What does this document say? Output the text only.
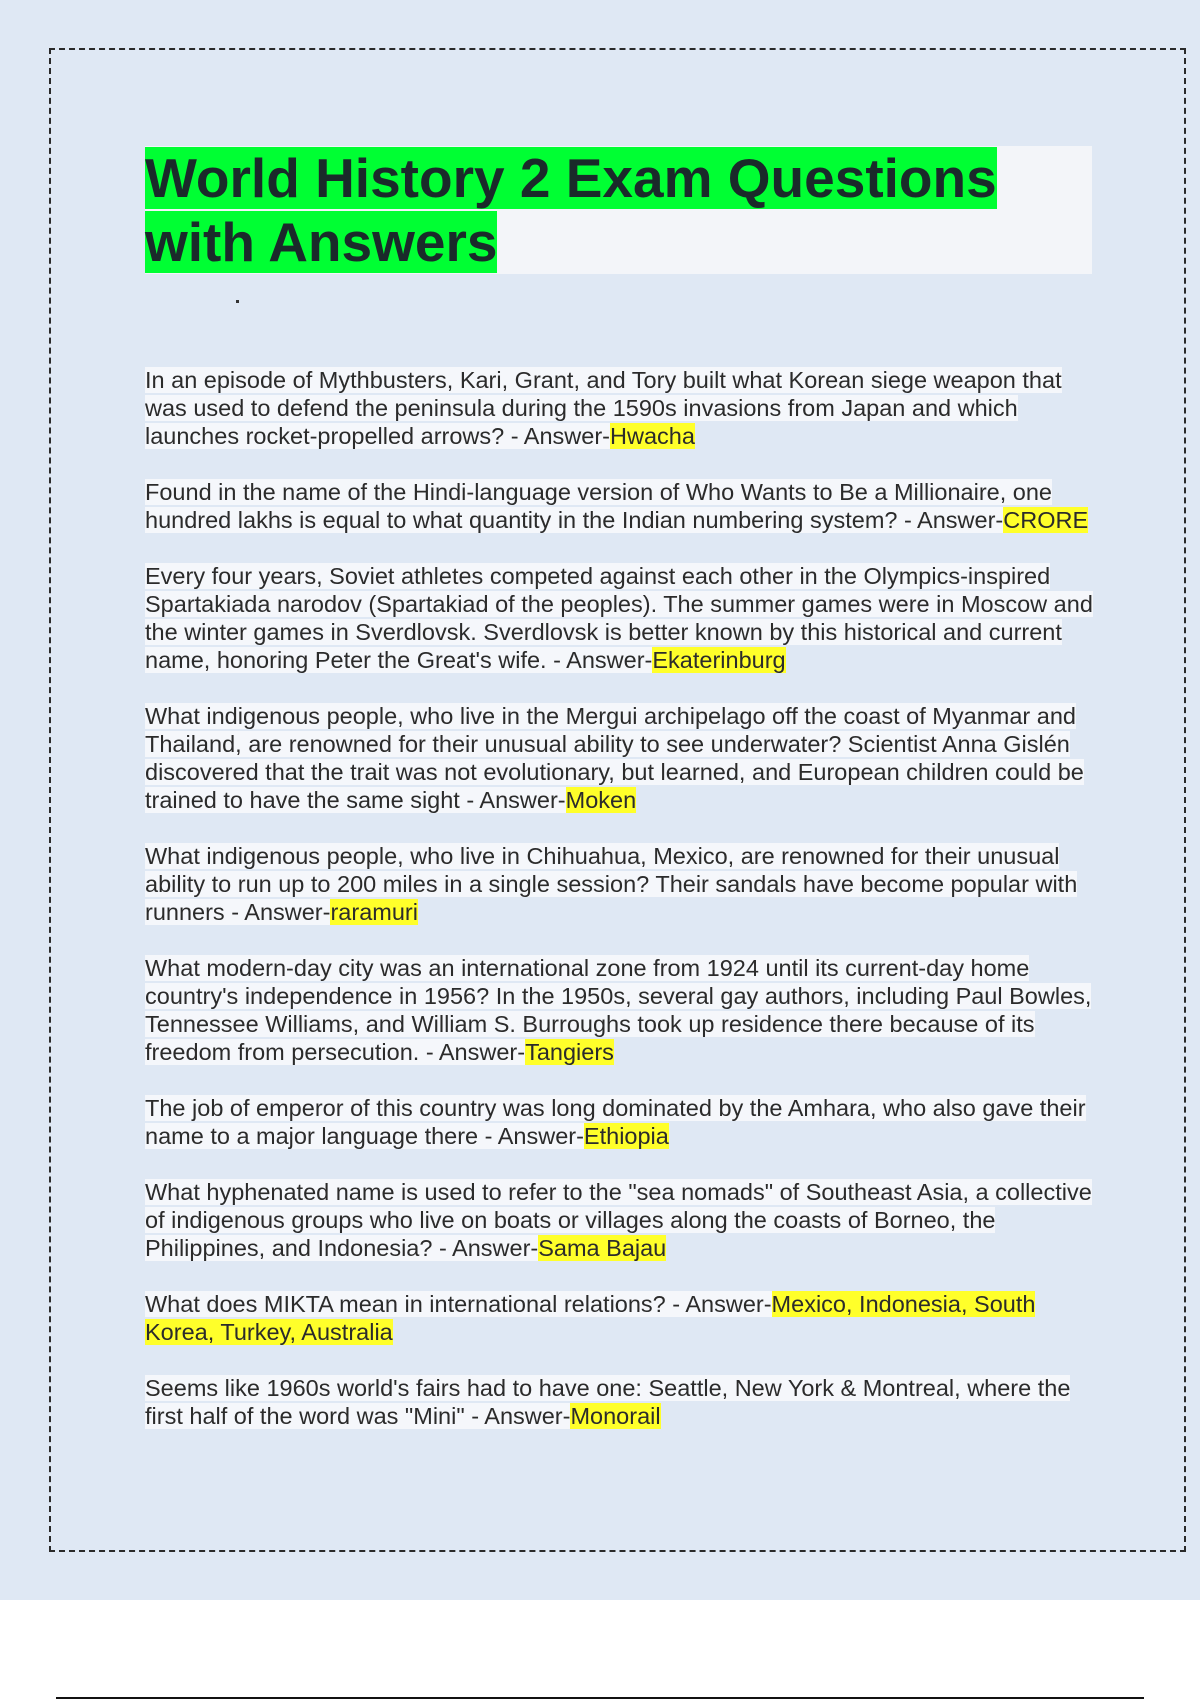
World History 2 Exam Questions with Answers

In an episode of Mythbusters, Kari, Grant, and Tory built what Korean siege weapon that was used to defend the peninsula during the 1590s invasions from Japan and which launches rocket-propelled arrows? - Answer-Hwacha

Found in the name of the Hindi-language version of Who Wants to Be a Millionaire, one hundred lakhs is equal to what quantity in the Indian numbering system? - Answer-CRORE

Every four years, Soviet athletes competed against each other in the Olympics-inspired Spartakiada narodov (Spartakiad of the peoples). The summer games were in Moscow and the winter games in Sverdlovsk. Sverdlovsk is better known by this historical and current name, honoring Peter the Great's wife. - Answer-Ekaterinburg

What indigenous people, who live in the Mergui archipelago off the coast of Myanmar and Thailand, are renowned for their unusual ability to see underwater? Scientist Anna Gislén discovered that the trait was not evolutionary, but learned, and European children could be trained to have the same sight - Answer-Moken

What indigenous people, who live in Chihuahua, Mexico, are renowned for their unusual ability to run up to 200 miles in a single session? Their sandals have become popular with runners - Answer-raramuri

What modern-day city was an international zone from 1924 until its current-day home country's independence in 1956? In the 1950s, several gay authors, including Paul Bowles, Tennessee Williams, and William S. Burroughs took up residence there because of its freedom from persecution. - Answer-Tangiers

The job of emperor of this country was long dominated by the Amhara, who also gave their name to a major language there - Answer-Ethiopia

What hyphenated name is used to refer to the "sea nomads" of Southeast Asia, a collective of indigenous groups who live on boats or villages along the coasts of Borneo, the Philippines, and Indonesia? - Answer-Sama Bajau

What does MIKTA mean in international relations? - Answer-Mexico, Indonesia, South Korea, Turkey, Australia

Seems like 1960s world's fairs had to have one: Seattle, New York & Montreal, where the first half of the word was "Mini" - Answer-Monorail
